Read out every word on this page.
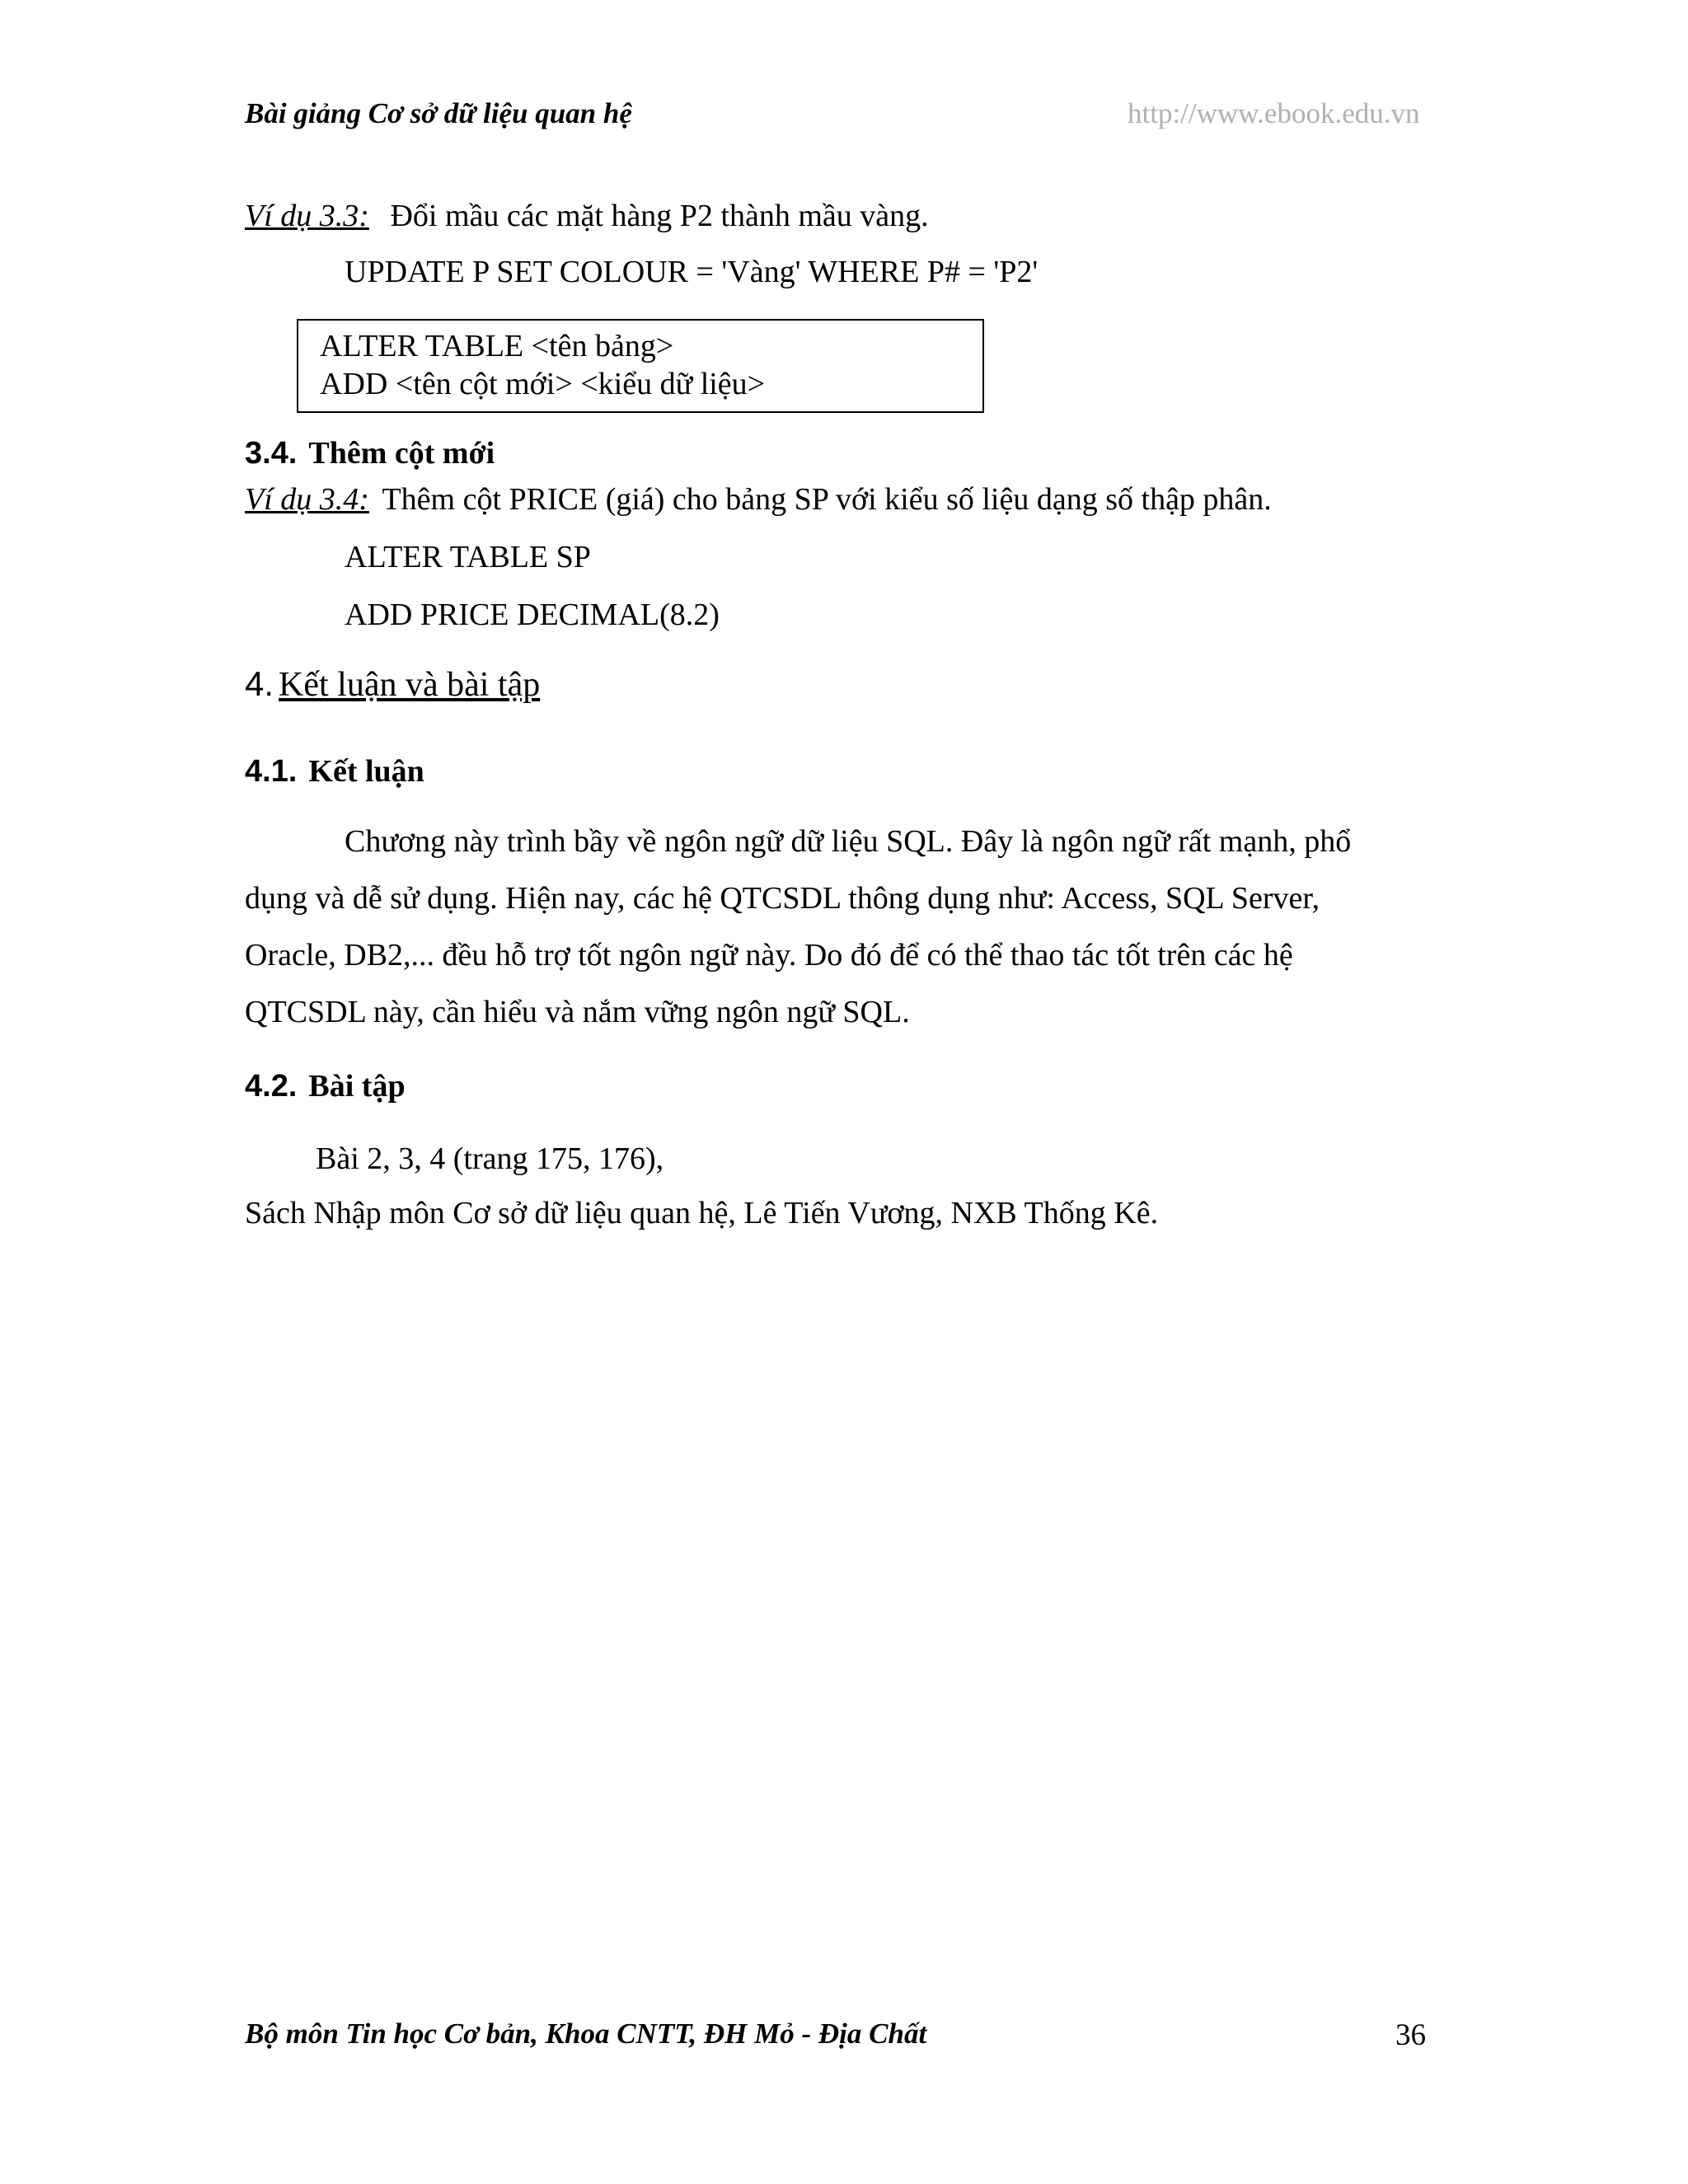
Bài giảng Cơ sở dữ liệu quan hệ	http://www.ebook.edu.vn
Ví dụ 3.3: Đổi mầu các mặt hàng P2 thành mầu vàng.
UPDATE P SET COLOUR = 'Vàng' WHERE P# = 'P2'
ALTER TABLE <tên bảng>
ADD <tên cột mới> <kiểu dữ liệu>
3.4. Thêm cột mới
Ví dụ 3.4: Thêm cột PRICE (giá) cho bảng SP với kiểu số liệu dạng số thập phân.
ALTER TABLE SP
ADD PRICE DECIMAL(8.2)
4. Kết luận và bài tập
4.1. Kết luận
Chương này trình bầy về ngôn ngữ dữ liệu SQL. Đây là ngôn ngữ rất mạnh, phổ
dụng và dễ sử dụng. Hiện nay, các hệ QTCSDL thông dụng như: Access, SQL Server,
Oracle, DB2,... đều hỗ trợ tốt ngôn ngữ này. Do đó để có thể thao tác tốt trên các hệ
QTCSDL này, cần hiểu và nắm vững ngôn ngữ SQL.
4.2. Bài tập
Bài 2, 3, 4 (trang 175, 176),
Sách Nhập môn Cơ sở dữ liệu quan hệ, Lê Tiến Vương, NXB Thống Kê.
Bộ môn Tin học Cơ bản, Khoa CNTT, ĐH Mỏ - Địa Chất	36
